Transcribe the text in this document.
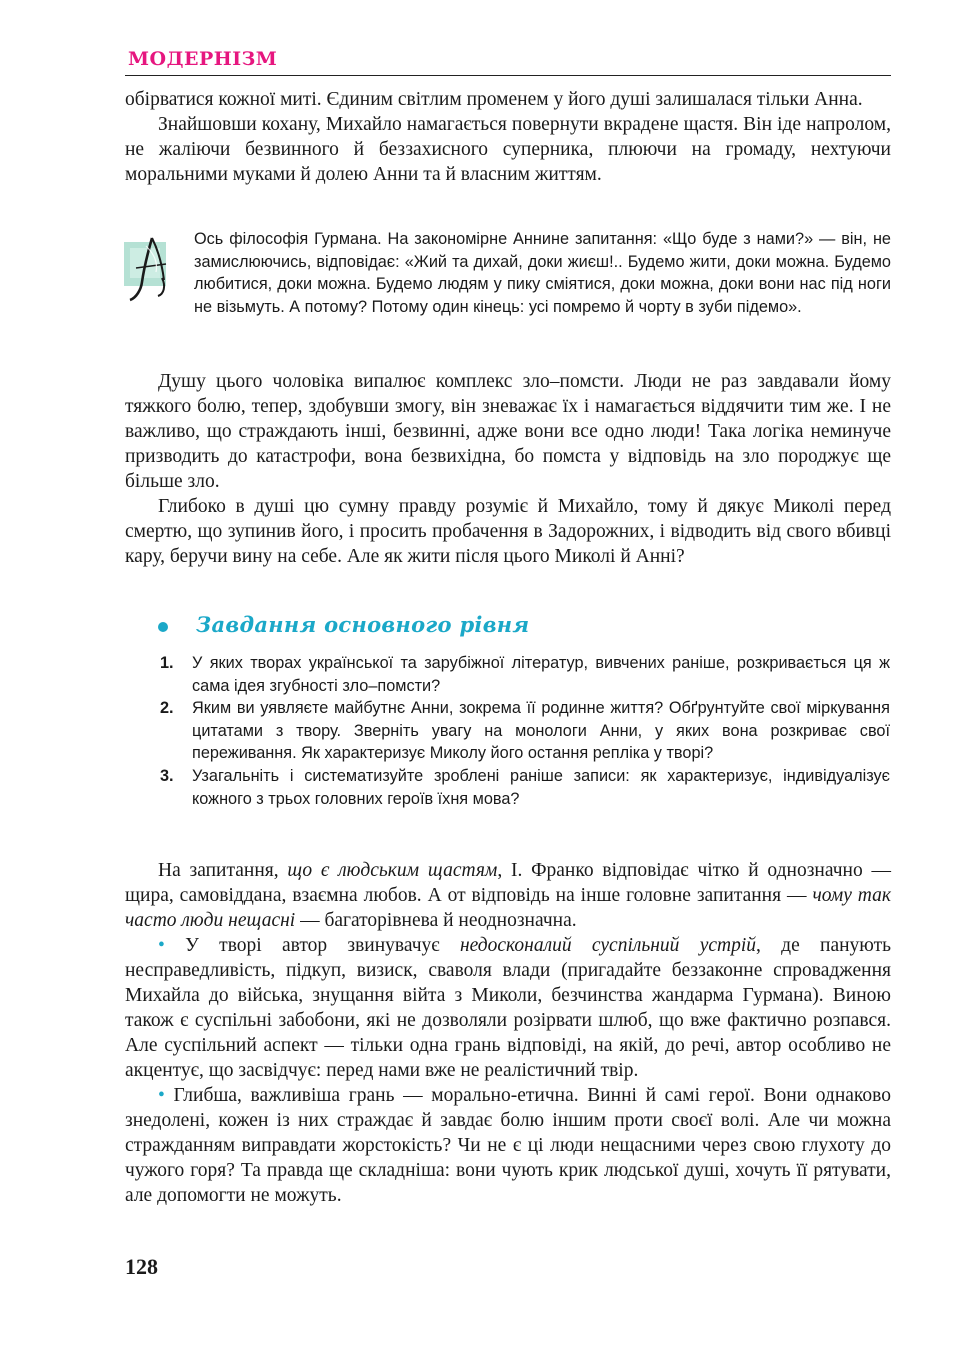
МОДЕРНІЗМ

обірватися кожної миті. Єдиним світлим променем у його душі залишалася тільки Анна.

Знайшовши кохану, Михайло намагається повернути вкрадене щастя. Він іде напролом, не жаліючи безвинного й беззахисного суперника, плюючи на громаду, нехтуючи моральними муками й долею Анни та й власним життям.

Ось філософія Гурмана. На закономірне Аннине запитання: «Що буде з нами?» — він, не замислюючись, відповідає: «Жий та дихай, доки жиєш!.. Будемо жити, доки можна. Будемо любитися, доки можна. Будемо людям у пику сміятися, доки можна, доки вони нас під ноги не візьмуть. А потому? Потому один кінець: усі помремо й чорту в зуби підемо».

Душу цього чоловіка випалює комплекс зло–помсти. Люди не раз завдавали йому тяжкого болю, тепер, здобувши змогу, він зневажає їх і намагається віддячити тим же. І не важливо, що страждають інші, безвинні, адже вони все одно люди! Така логіка неминуче призводить до катастрофи, вона безвихідна, бо помста у відповідь на зло породжує ще більше зло.

Глибоко в душі цю сумну правду розуміє й Михайло, тому й дякує Миколі перед смертю, що зупинив його, і просить пробачення в Задорожних, і відводить від свого вбивці кару, беручи вину на себе. Але як жити після цього Миколі й Анні?

Завдання основного рівня
1. У яких творах української та зарубіжної літератур, вивчених раніше, розкривається ця ж сама ідея згубності зло–помсти?
2. Яким ви уявляєте майбутнє Анни, зокрема її родинне життя? Обґрунтуйте свої міркування цитатами з твору. Зверніть увагу на монологи Анни, у яких вона розкриває свої переживання. Як характеризує Миколу його остання репліка у творі?
3. Узагальніть і систематизуйте зроблені раніше записи: як характеризує, індивідуалізує кожного з трьох головних героїв їхня мова?

На запитання, що є людським щастям, І. Франко відповідає чітко й однозначно — щира, самовіддана, взаємна любов. А от відповідь на інше головне запитання — чому так часто люди нещасні — багаторівнева й неоднозначна.

• У творі автор звинувачує недосконалий суспільний устрій, де панують несправедливість, підкуп, визиск, сваволя влади (пригадайте беззаконне спровадження Михайла до війська, знущання війта з Миколи, безчинства жандарма Гурмана). Виною також є суспільні забобони, які не дозволяли розірвати шлюб, що вже фактично розпався. Але суспільний аспект — тільки одна грань відповіді, на якій, до речі, автор особливо не акцентує, що засвідчує: перед нами вже не реалістичний твір.

• Глибша, важливіша грань — морально-етична. Винні й самі герої. Вони однаково знедолені, кожен із них страждає й завдає болю іншим проти своєї волі. Але чи можна стражданням виправдати жорстокість? Чи не є ці люди нещасними через свою глухоту до чужого горя? Та правда ще складніша: вони чують крик людської душі, хочуть її рятувати, але допомогти не можуть.

128
